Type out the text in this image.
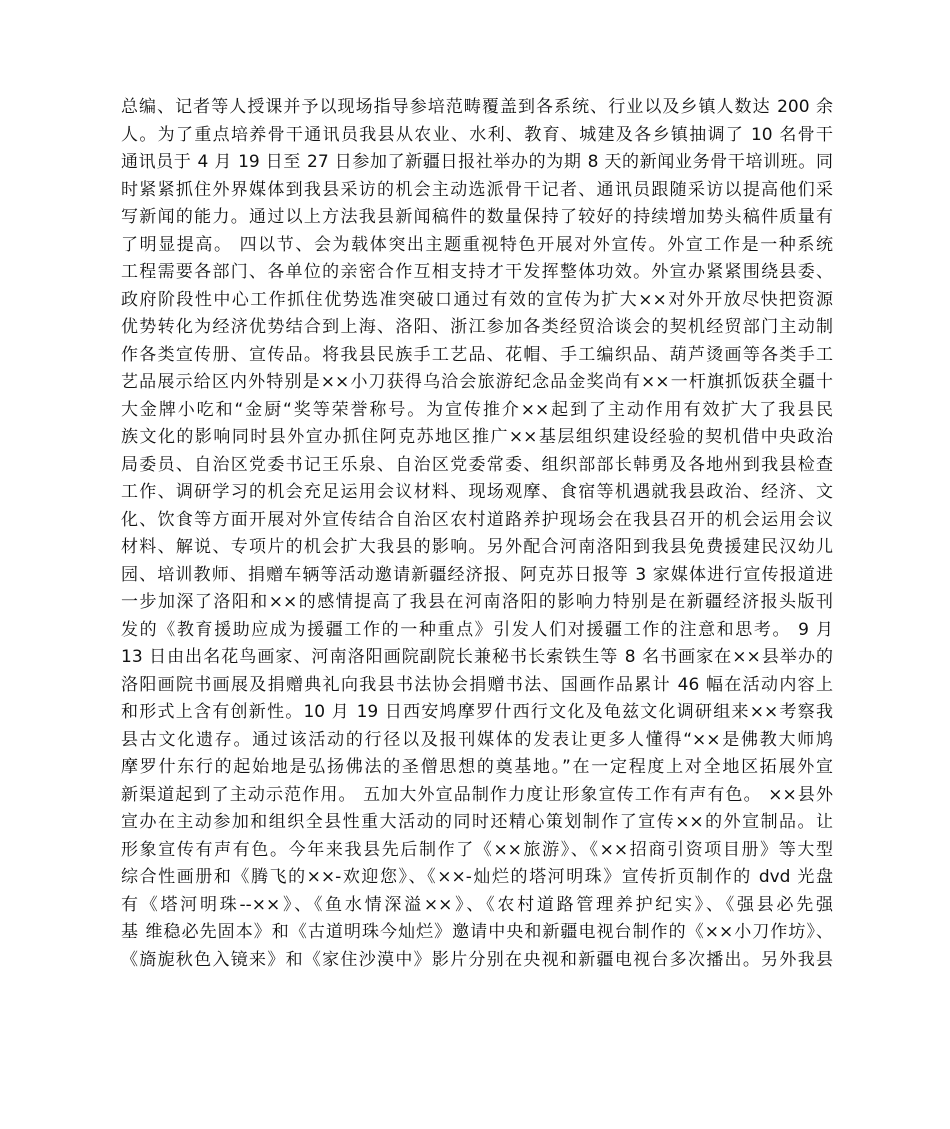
总编、记者等人授课并予以现场指导参培范畴覆盖到各系统、行业以及乡镇人数达 200 余
人。为了重点培养骨干通讯员我县从农业、水利、教育、城建及各乡镇抽调了 10 名骨干
通讯员于 4 月 19 日至 27 日参加了新疆日报社举办的为期 8 天的新闻业务骨干培训班。同
时紧紧抓住外界媒体到我县采访的机会主动选派骨干记者、通讯员跟随采访以提高他们采
写新闻的能力。通过以上方法我县新闻稿件的数量保持了较好的持续增加势头稿件质量有
了明显提高。 四以节、会为载体突出主题重视特色开展对外宣传。外宣工作是一种系统
工程需要各部门、各单位的亲密合作互相支持才干发挥整体功效。外宣办紧紧围绕县委、
政府阶段性中心工作抓住优势选准突破口通过有效的宣传为扩大××对外开放尽快把资源
优势转化为经济优势结合到上海、洛阳、浙江参加各类经贸洽谈会的契机经贸部门主动制
作各类宣传册、宣传品。将我县民族手工艺品、花帽、手工编织品、葫芦烫画等各类手工
艺品展示给区内外特别是××小刀获得乌洽会旅游纪念品金奖尚有××一杆旗抓饭获全疆十
大金牌小吃和“金厨“奖等荣誉称号。为宣传推介××起到了主动作用有效扩大了我县民
族文化的影响同时县外宣办抓住阿克苏地区推广××基层组织建设经验的契机借中央政治
局委员、自治区党委书记王乐泉、自治区党委常委、组织部部长韩勇及各地州到我县检查
工作、调研学习的机会充足运用会议材料、现场观摩、食宿等机遇就我县政治、经济、文
化、饮食等方面开展对外宣传结合自治区农村道路养护现场会在我县召开的机会运用会议
材料、解说、专项片的机会扩大我县的影响。另外配合河南洛阳到我县免费援建民汉幼儿
园、培训教师、捐赠车辆等活动邀请新疆经济报、阿克苏日报等 3 家媒体进行宣传报道进
一步加深了洛阳和××的感情提高了我县在河南洛阳的影响力特别是在新疆经济报头版刊
发的《教育援助应成为援疆工作的一种重点》引发人们对援疆工作的注意和思考。 9 月
13 日由出名花鸟画家、河南洛阳画院副院长兼秘书长索铁生等 8 名书画家在××县举办的
洛阳画院书画展及捐赠典礼向我县书法协会捐赠书法、国画作品累计 46 幅在活动内容上
和形式上含有创新性。10 月 19 日西安鸠摩罗什西行文化及龟兹文化调研组来××考察我
县古文化遗存。通过该活动的行径以及报刊媒体的发表让更多人懂得“××是佛教大师鸠
摩罗什东行的起始地是弘扬佛法的圣僧思想的奠基地。”在一定程度上对全地区拓展外宣
新渠道起到了主动示范作用。 五加大外宣品制作力度让形象宣传工作有声有色。 ××县外
宣办在主动参加和组织全县性重大活动的同时还精心策划制作了宣传××的外宣制品。让
形象宣传有声有色。今年来我县先后制作了《××旅游》、《××招商引资项目册》等大型
综合性画册和《腾飞的××-欢迎您》、《××-灿烂的塔河明珠》宣传折页制作的 dvd 光盘
有《塔河明珠--××》、《鱼水情深溢××》、《农村道路管理养护纪实》、《强县必先强
基 维稳必先固本》和《古道明珠今灿烂》邀请中央和新疆电视台制作的《××小刀作坊》、
《旖旎秋色入镜来》和《家住沙漠中》影片分别在央视和新疆电视台多次播出。另外我县
